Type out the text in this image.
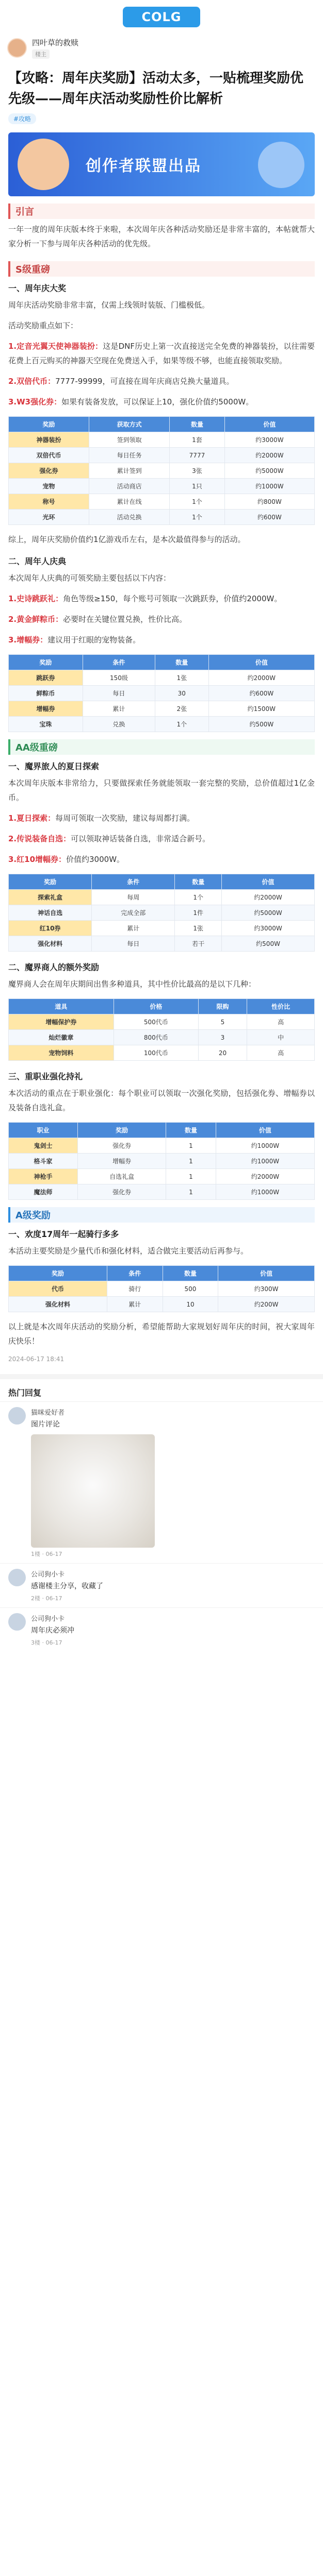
COLG
四叶草的救赎
楼主
【攻略：周年庆奖励】活动太多，一贴梳理奖励优先级——周年庆活动奖励性价比解析
#攻略
创作者联盟出品
引言
一年一度的周年庆版本终于来啦，本次周年庆各种活动奖励还是非常丰富的，本帖就帮大家分析一下参与周年庆各种活动的优先级。
S级重磅
一、周年庆大奖
周年庆活动奖励非常丰富，仅需上线领时装版、门槛极低。
活动奖励重点如下：
1.定音光翼天使神器装扮：这是DNF历史上第一次直接送完全免费的神器装扮，以往需要花费上百元购买的神器天空现在免费送入手，如果等级不够，也能直接领取奖励。
2.双倍代币：7777-99999，可直接在周年庆商店兑换大量道具。
3.W3强化券：如果有装备发放，可以保证上10，强化价值约5000W。
奖励	获取方式	数量	价值
神器装扮	签到领取	1套	约3000W
双倍代币	每日任务	7777	约2000W
强化券	累计签到	3张	约5000W
宠物	活动商店	1只	约1000W
称号	累计在线	1个	约800W
光环	活动兑换	1个	约600W
综上，周年庆奖励价值约1亿游戏币左右，是本次最值得参与的活动。
二、周年人庆典
本次周年人庆典的可领奖励主要包括以下内容：
1.史诗跳跃礼：角色等级≥150，每个账号可领取一次跳跃券，价值约2000W。
2.黄金鲜粽币：必要时在关键位置兑换，性价比高。
3.增幅券：建议用于红眼的宠物装备。
奖励	条件	数量	价值
跳跃券	150级	1张	约2000W
鲜粽币	每日	30	约600W
增幅券	累计	2张	约1500W
宝珠	兑换	1个	约500W
AA级重磅
一、魔界旅人的夏日探索
本次周年庆版本非常给力，只要做探索任务就能领取一套完整的奖励，总价值超过1亿金币。
1.夏日探索：每周可领取一次奖励，建议每周都打满。
2.传说装备自选：可以领取神话装备自选，非常适合新号。
3.红10增幅券：价值约3000W。
奖励	条件	数量	价值
探索礼盒	每周	1个	约2000W
神话自选	完成全部	1件	约5000W
红10券	累计	1张	约3000W
强化材料	每日	若干	约500W
二、魔界商人的额外奖励
魔界商人会在周年庆期间出售多种道具，其中性价比最高的是以下几种：
道具	价格	限购	性价比
增幅保护券	500代币	5	高
灿烂徽章	800代币	3	中
宠物饲料	100代币	20	高
三、重职业强化持礼
本次活动的重点在于职业强化：每个职业可以领取一次强化奖励，包括强化券、增幅券以及装备自选礼盒。
职业	奖励	数量	价值
鬼剑士	强化券	1	约1000W
格斗家	增幅券	1	约1000W
神枪手	自选礼盒	1	约2000W
魔法师	强化券	1	约1000W
A级奖励
一、欢度17周年一起骑行多多
本活动主要奖励是少量代币和强化材料，适合做完主要活动后再参与。
奖励	条件	数量	价值
代币	骑行	500	约300W
强化材料	累计	10	约200W
以上就是本次周年庆活动的奖励分析，希望能帮助大家规划好周年庆的时间，祝大家周年庆快乐！
2024-06-17 18:41
热门回复
猫咪爱好者
图片评论
1楼 · 06-17
公司狗小卡
感谢楼主分享，收藏了
2楼 · 06-17
公司狗小卡
周年庆必须冲
3楼 · 06-17
